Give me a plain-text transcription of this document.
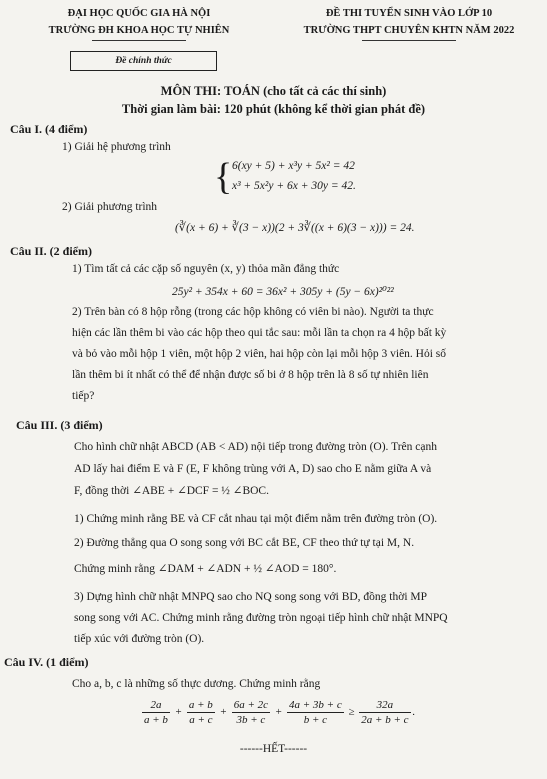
ĐẠI HỌC QUỐC GIA HÀ NỘI
TRƯỜNG ĐH KHOA HỌC TỰ NHIÊN
ĐỀ THI TUYỂN SINH VÀO LỚP 10
TRƯỜNG THPT CHUYÊN KHTN NĂM 2022
Đề chính thức
MÔN THI: TOÁN (cho tất cả các thí sinh)
Thời gian làm bài: 120 phút (không kể thời gian phát đề)
Câu I. (4 điểm)
1) Giải hệ phương trình
{ 6(xy + 5) + x³y + 5x² = 42
x³ + 5x²y + 6x + 30y = 42.
2) Giải phương trình
(∛(x + 6) + ∛(3 − x))(2 + 3∛((x + 6)(3 − x))) = 24.
Câu II. (2 điểm)
1) Tìm tất cả các cặp số nguyên (x, y) thỏa mãn đẳng thức
25y² + 354x + 60 = 36x² + 305y + (5y − 6x)²⁰²²
2) Trên bàn có 8 hộp rỗng (trong các hộp không có viên bi nào). Người ta thực
hiện các lần thêm bi vào các hộp theo qui tắc sau: mỗi lần ta chọn ra 4 hộp bất kỳ
và bỏ vào mỗi hộp 1 viên, một hộp 2 viên, hai hộp còn lại mỗi hộp 3 viên. Hỏi số
lần thêm bi ít nhất có thể để nhận được số bi ở 8 hộp trên là 8 số tự nhiên liên
tiếp?
Câu III. (3 điểm)
Cho hình chữ nhật ABCD (AB < AD) nội tiếp trong đường tròn (O). Trên cạnh
AD lấy hai điểm E và F (E, F không trùng với A, D) sao cho E nằm giữa A và
F, đồng thời ∠ABE + ∠DCF = ½ ∠BOC.
1) Chứng minh rằng BE và CF cắt nhau tại một điểm nằm trên đường tròn (O).
2) Đường thẳng qua O song song với BC cắt BE, CF theo thứ tự tại M, N.
Chứng minh rằng ∠DAM + ∠ADN + ½ ∠AOD = 180°.
3) Dựng hình chữ nhật MNPQ sao cho NQ song song với BD, đồng thời MP
song song với AC. Chứng minh rằng đường tròn ngoại tiếp hình chữ nhật MNPQ
tiếp xúc với đường tròn (O).
Câu IV. (1 điểm)
Cho a, b, c là những số thực dương. Chứng minh rằng
$\frac{2a}{a + b} + \frac{a + b}{a + c} + \frac{6a + 2c}{3b + c} + \frac{4a + 3b + c}{b + c} \ge \frac{32a}{2a + b + c}$ .
------HẾT------
